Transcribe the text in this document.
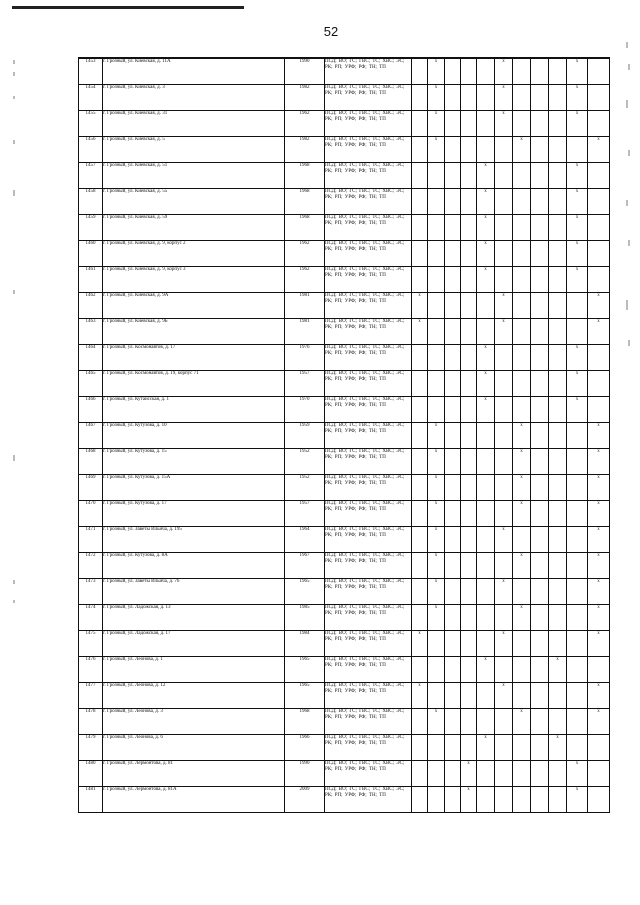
52
1453	г. Грозный, ул. Киевская, д. 11А	1990	ПСД; ВО; ГС; ГВС; ТС; ХВС; ЭС; РК; РП; УРФ; РФ; ТН; ТП		x				x				x	
1454	г. Грозный, ул. Киевская, д. 3	1982	ПСД; ВО; ГС; ГВС; ТС; ХВС; ЭС; РК; РП; УРФ; РФ; ТН; ТП		x				x				x	
1455	г. Грозный, ул. Киевская, д. 31	1962	ПСД; ВО; ГС; ГВС; ТС; ХВС; ЭС; РК; РП; УРФ; РФ; ТН; ТП		x				x				x	
1456	г. Грозный, ул. Киевская, д. 5	1982	ПСД; ВО; ГС; ГВС; ТС; ХВС; ЭС; РК; РП; УРФ; РФ; ТН; ТП		x					x				x
1457	г. Грозный, ул. Киевская, д. 51	1968	ПСД; ВО; ГС; ГВС; ТС; ХВС; ЭС; РК; РП; УРФ; РФ; ТН; ТП					x					x	
1458	г. Грозный, ул. Киевская, д. 55	1968	ПСД; ВО; ГС; ГВС; ТС; ХВС; ЭС; РК; РП; УРФ; РФ; ТН; ТП					x					x	
1459	г. Грозный, ул. Киевская, д. 59	1968	ПСД; ВО; ГС; ГВС; ТС; ХВС; ЭС; РК; РП; УРФ; РФ; ТН; ТП					x					x	
1460	г. Грозный, ул. Киевская, д. 9, корпус 2	1962	ПСД; ВО; ГС; ГВС; ТС; ХВС; ЭС; РК; РП; УРФ; РФ; ТН; ТП					x					x	
1461	г. Грозный, ул. Киевская, д. 9, корпус 3	1962	ПСД; ВО; ГС; ГВС; ТС; ХВС; ЭС; РК; РП; УРФ; РФ; ТН; ТП					x					x	
1462	г. Грозный, ул. Киевская, д. 9А	1981	ПСД; ВО; ГС; ГВС; ТС; ХВС; ЭС; РК; РП; УРФ; РФ; ТН; ТП	x					x					x
1463	г. Грозный, ул. Киевская, д. 9Б	1981	ПСД; ВО; ГС; ГВС; ТС; ХВС; ЭС; РК; РП; УРФ; РФ; ТН; ТП	x					x					x
1464	г. Грозный, ул. Космонавтов, д. 17	1976	ПСД; ВО; ГС; ГВС; ТС; ХВС; ЭС; РК; РП; УРФ; РФ; ТН; ТП					x					x	
1465	г. Грозный, ул. Космонавтов, д. 19, корпус 71	1957	ПСД; ВО; ГС; ГВС; ТС; ХВС; ЭС; РК; РП; УРФ; РФ; ТН; ТП					x					x	
1466	г. Грозный, ул. Кутаисская, д. 1	1970	ПСД; ВО; ГС; ГВС; ТС; ХВС; ЭС; РК; РП; УРФ; РФ; ТН; ТП					x					x	
1467	г. Грозный, ул. Кутузова, д. 10	1959	ПСД; ВО; ГС; ГВС; ТС; ХВС; ЭС; РК; РП; УРФ; РФ; ТН; ТП		x					x				x
1468	г. Грозный, ул. Кутузова, д. 15	1952	ПСД; ВО; ГС; ГВС; ТС; ХВС; ЭС; РК; РП; УРФ; РФ; ТН; ТП		x					x				x
1469	г. Грозный, ул. Кутузова, д. 15А	1952	ПСД; ВО; ГС; ГВС; ТС; ХВС; ЭС; РК; РП; УРФ; РФ; ТН; ТП		x					x				x
1470	г. Грозный, ул. Кутузова, д. 17	1957	ПСД; ВО; ГС; ГВС; ТС; ХВС; ЭС; РК; РП; УРФ; РФ; ТН; ТП		x					x				x
1471	г. Грозный, ул. Заветы Ильича, д. 195	1964	ПСД; ВО; ГС; ГВС; ТС; ХВС; ЭС; РК; РП; УРФ; РФ; ТН; ТП		x				x					x
1472	г. Грозный, ул. Кутузова, д. 8А	1967	ПСД; ВО; ГС; ГВС; ТС; ХВС; ЭС; РК; РП; УРФ; РФ; ТН; ТП		x					x				x
1473	г. Грозный, ул. Заветы Ильича, д. 76	1965	ПСД; ВО; ГС; ГВС; ТС; ХВС; ЭС; РК; РП; УРФ; РФ; ТН; ТП		x				x					x
1474	г. Грозный, ул. Ладожская, д. 13	1985	ПСД; ВО; ГС; ГВС; ТС; ХВС; ЭС; РК; РП; УРФ; РФ; ТН; ТП		x					x				x
1475	г. Грозный, ул. Ладожская, д. 17	1984	ПСД; ВО; ГС; ГВС; ТС; ХВС; ЭС; РК; РП; УРФ; РФ; ТН; ТП	x					x					x
1476	г. Грозный, ул. Леонова, д. 1	1965	ПСД; ВО; ГС; ГВС; ТС; ХВС; ЭС; РК; РП; УРФ; РФ; ТН; ТП					x				x		
1477	г. Грозный, ул. Леонова, д. 12	1965	ПСД; ВО; ГС; ГВС; ТС; ХВС; ЭС; РК; РП; УРФ; РФ; ТН; ТП	x					x					x
1478	г. Грозный, ул. Леонова, д. 3	1968	ПСД; ВО; ГС; ГВС; ТС; ХВС; ЭС; РК; РП; УРФ; РФ; ТН; ТП		x					x				x
1479	г. Грозный, ул. Леонова, д. 6	1966	ПСД; ВО; ГС; ГВС; ТС; ХВС; ЭС; РК; РП; УРФ; РФ; ТН; ТП					x				x		
1480	г. Грозный, ул. Лермонтова, д. 81	1990	ПСД; ВО; ГС; ГВС; ТС; ХВС; ЭС; РК; РП; УРФ; РФ; ТН; ТП				x						x	
1481	г. Грозный, ул. Лермонтова, д. 81А	2009	ПСД; ВО; ГС; ГВС; ТС; ХВС; ЭС; РК; РП; УРФ; РФ; ТН; ТП				x						x	
